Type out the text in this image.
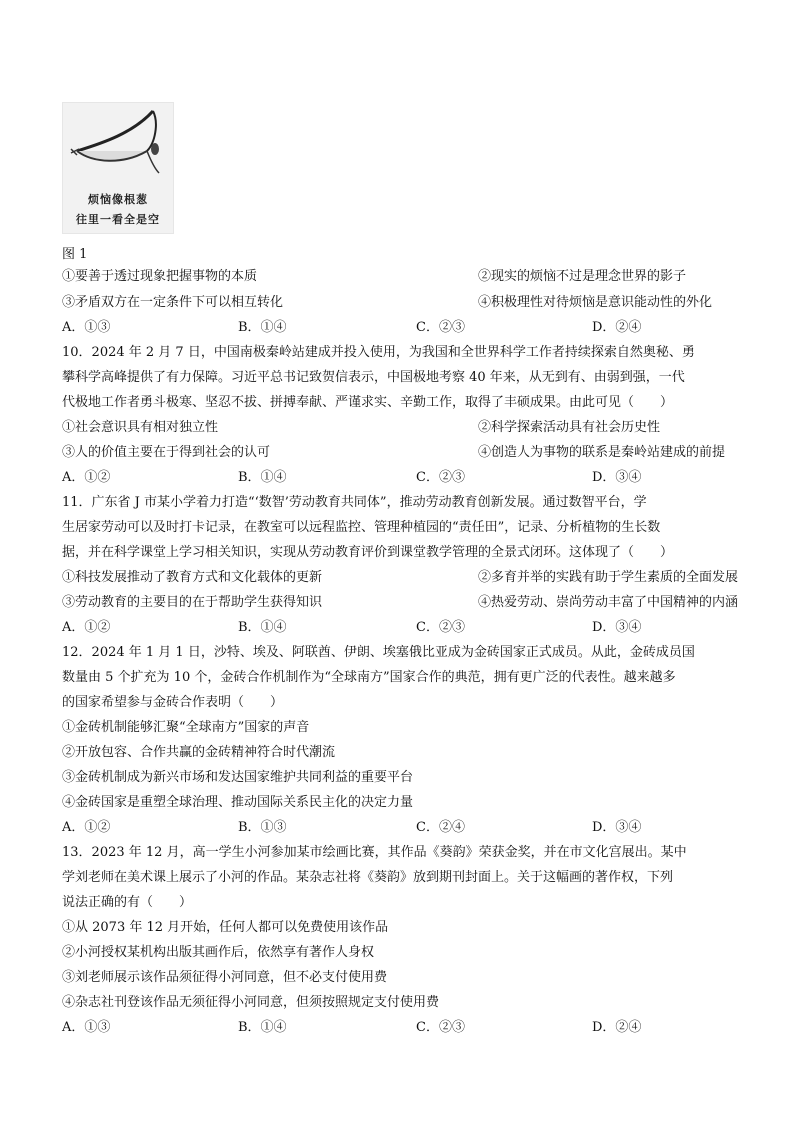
烦恼像根葱
往里一看全是空
图 1
①要善于透过现象把握事物的本质	②现实的烦恼不过是理念世界的影子
③矛盾双方在一定条件下可以相互转化	④积极理性对待烦恼是意识能动性的外化
A．①③	B．①④	C．②③	D．②④
10．2024 年 2 月 7 日，中国南极秦岭站建成并投入使用，为我国和全世界科学工作者持续探索自然奥秘、勇
攀科学高峰提供了有力保障。习近平总书记致贺信表示，中国极地考察 40 年来，从无到有、由弱到强，一代
代极地工作者勇斗极寒、坚忍不拔、拼搏奉献、严谨求实、辛勤工作，取得了丰硕成果。由此可见（　　）
①社会意识具有相对独立性	②科学探索活动具有社会历史性
③人的价值主要在于得到社会的认可	④创造人为事物的联系是秦岭站建成的前提
A．①②	B．①④	C．②③	D．③④
11．广东省 J 市某小学着力打造“‘数智’劳动教育共同体”，推动劳动教育创新发展。通过数智平台，学
生居家劳动可以及时打卡记录，在教室可以远程监控、管理种植园的“责任田”，记录、分析植物的生长数
据，并在科学课堂上学习相关知识，实现从劳动教育评价到课堂教学管理的全景式闭环。这体现了（　　）
①科技发展推动了教育方式和文化载体的更新	②多育并举的实践有助于学生素质的全面发展
③劳动教育的主要目的在于帮助学生获得知识	④热爱劳动、崇尚劳动丰富了中国精神的内涵
A．①②	B．①④	C．②③	D．③④
12．2024 年 1 月 1 日，沙特、埃及、阿联酋、伊朗、埃塞俄比亚成为金砖国家正式成员。从此，金砖成员国
数量由 5 个扩充为 10 个，金砖合作机制作为“全球南方”国家合作的典范，拥有更广泛的代表性。越来越多
的国家希望参与金砖合作表明（　　）
①金砖机制能够汇聚“全球南方”国家的声音
②开放包容、合作共赢的金砖精神符合时代潮流
③金砖机制成为新兴市场和发达国家维护共同利益的重要平台
④金砖国家是重塑全球治理、推动国际关系民主化的决定力量
A．①②	B．①③	C．②④	D．③④
13．2023 年 12 月，高一学生小河参加某市绘画比赛，其作品《葵韵》荣获金奖，并在市文化宫展出。某中
学刘老师在美术课上展示了小河的作品。某杂志社将《葵韵》放到期刊封面上。关于这幅画的著作权，下列
说法正确的有（　　）
①从 2073 年 12 月开始，任何人都可以免费使用该作品
②小河授权某机构出版其画作后，依然享有著作人身权
③刘老师展示该作品须征得小河同意，但不必支付使用费
④杂志社刊登该作品无须征得小河同意，但须按照规定支付使用费
A．①③	B．①④	C．②③	D．②④
